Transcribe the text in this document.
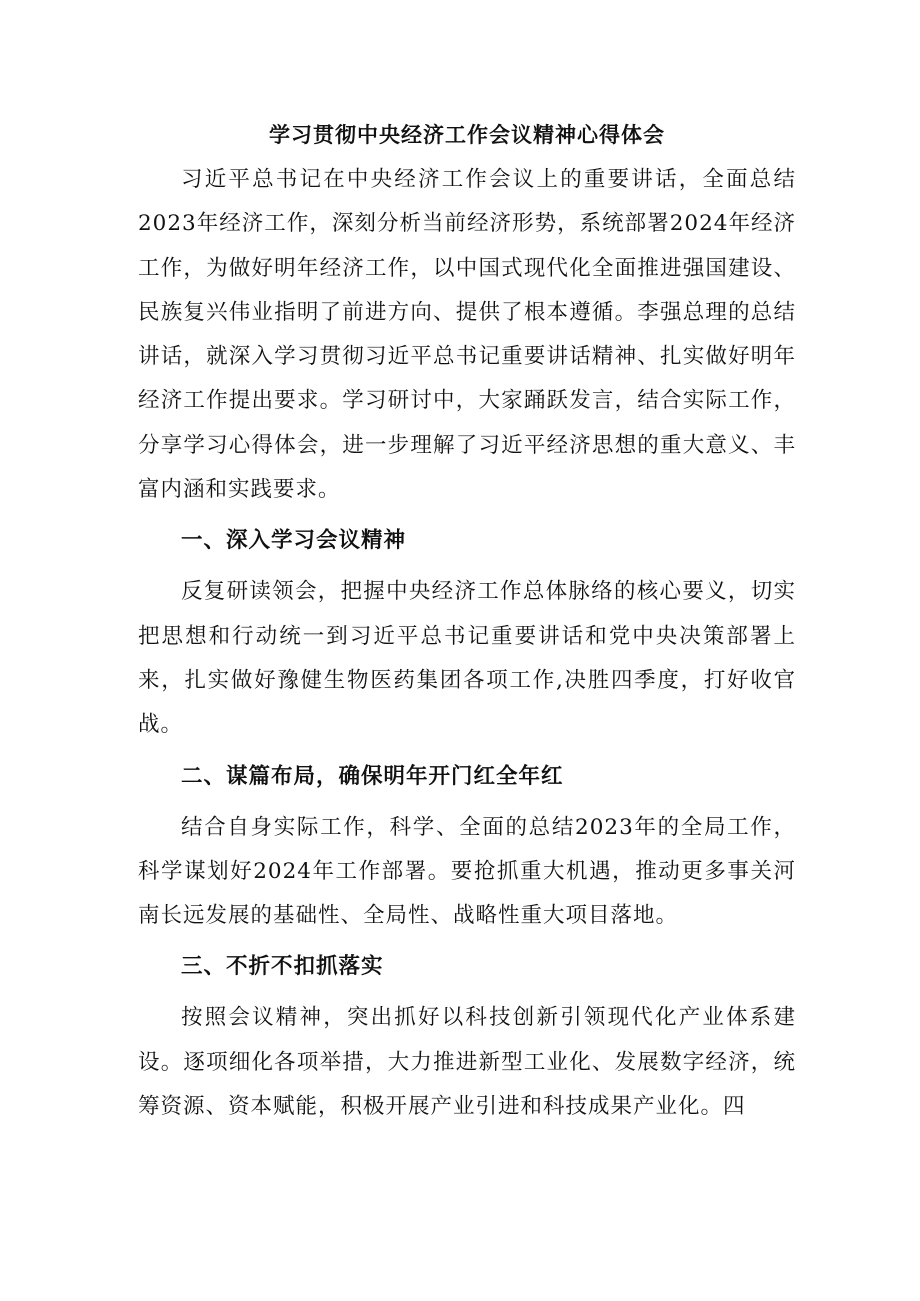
学习贯彻中央经济工作会议精神心得体会

习近平总书记在中央经济工作会议上的重要讲话，全面总结2023年经济工作，深刻分析当前经济形势，系统部署2024年经济工作，为做好明年经济工作，以中国式现代化全面推进强国建设、民族复兴伟业指明了前进方向、提供了根本遵循。李强总理的总结讲话，就深入学习贯彻习近平总书记重要讲话精神、扎实做好明年经济工作提出要求。学习研讨中，大家踊跃发言，结合实际工作，分享学习心得体会，进一步理解了习近平经济思想的重大意义、丰富内涵和实践要求。

一、深入学习会议精神

反复研读领会，把握中央经济工作总体脉络的核心要义，切实把思想和行动统一到习近平总书记重要讲话和党中央决策部署上来，扎实做好豫健生物医药集团各项工作,决胜四季度，打好收官战。

二、谋篇布局，确保明年开门红全年红

结合自身实际工作，科学、全面的总结2023年的全局工作，科学谋划好2024年工作部署。要抢抓重大机遇，推动更多事关河南长远发展的基础性、全局性、战略性重大项目落地。

三、不折不扣抓落实

按照会议精神，突出抓好以科技创新引领现代化产业体系建设。逐项细化各项举措，大力推进新型工业化、发展数字经济，统筹资源、资本赋能，积极开展产业引进和科技成果产业化。四
